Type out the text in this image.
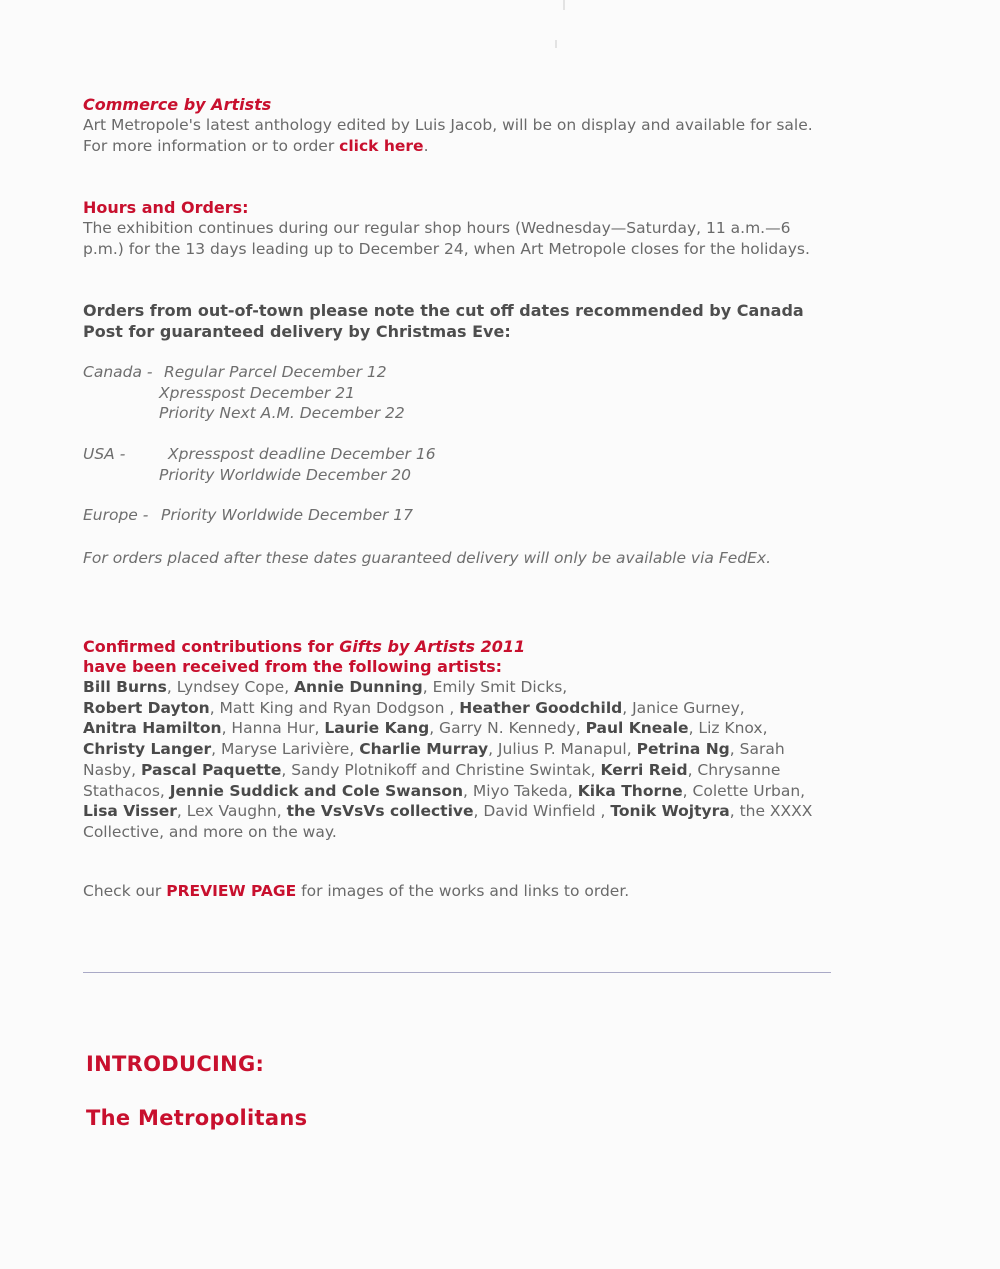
Commerce by Artists

Art Metropole's latest anthology edited by Luis Jacob, will be on display and available for sale. For more information or to order click here.

Hours and Orders:

The exhibition continues during our regular shop hours (Wednesday—Saturday, 11 a.m.—6 p.m.) for the 13 days leading up to December 24, when Art Metropole closes for the holidays.

Orders from out-of-town please note the cut off dates recommended by Canada Post for guaranteed delivery by Christmas Eve:

Canada - Regular Parcel December 12
Xpresspost December 21
Priority Next A.M. December 22
USA -	Xpresspost deadline December 16
Priority Worldwide December 20
Europe - Priority Worldwide December 17
For orders placed after these dates guaranteed delivery will only be available via FedEx.
Confirmed contributions for Gifts by Artists 2011
have been received from the following artists:

Bill Burns, Lyndsey Cope, Annie Dunning, Emily Smit Dicks,
Robert Dayton, Matt King and Ryan Dodgson , Heather Goodchild, Janice Gurney,
Anitra Hamilton, Hanna Hur, Laurie Kang, Garry N. Kennedy, Paul Kneale, Liz Knox,
Christy Langer, Maryse Larivière, Charlie Murray, Julius P. Manapul, Petrina Ng, Sarah Nasby, Pascal Paquette, Sandy Plotnikoff and Christine Swintak, Kerri Reid, Chrysanne Stathacos, Jennie Suddick and Cole Swanson, Miyo Takeda, Kika Thorne, Colette Urban, Lisa Visser, Lex Vaughn, the VsVsVs collective, David Winfield , Tonik Wojtyra, the XXXX Collective, and more on the way.

Check our PREVIEW PAGE for images of the works and links to order.

INTRODUCING:
The Metropolitans
